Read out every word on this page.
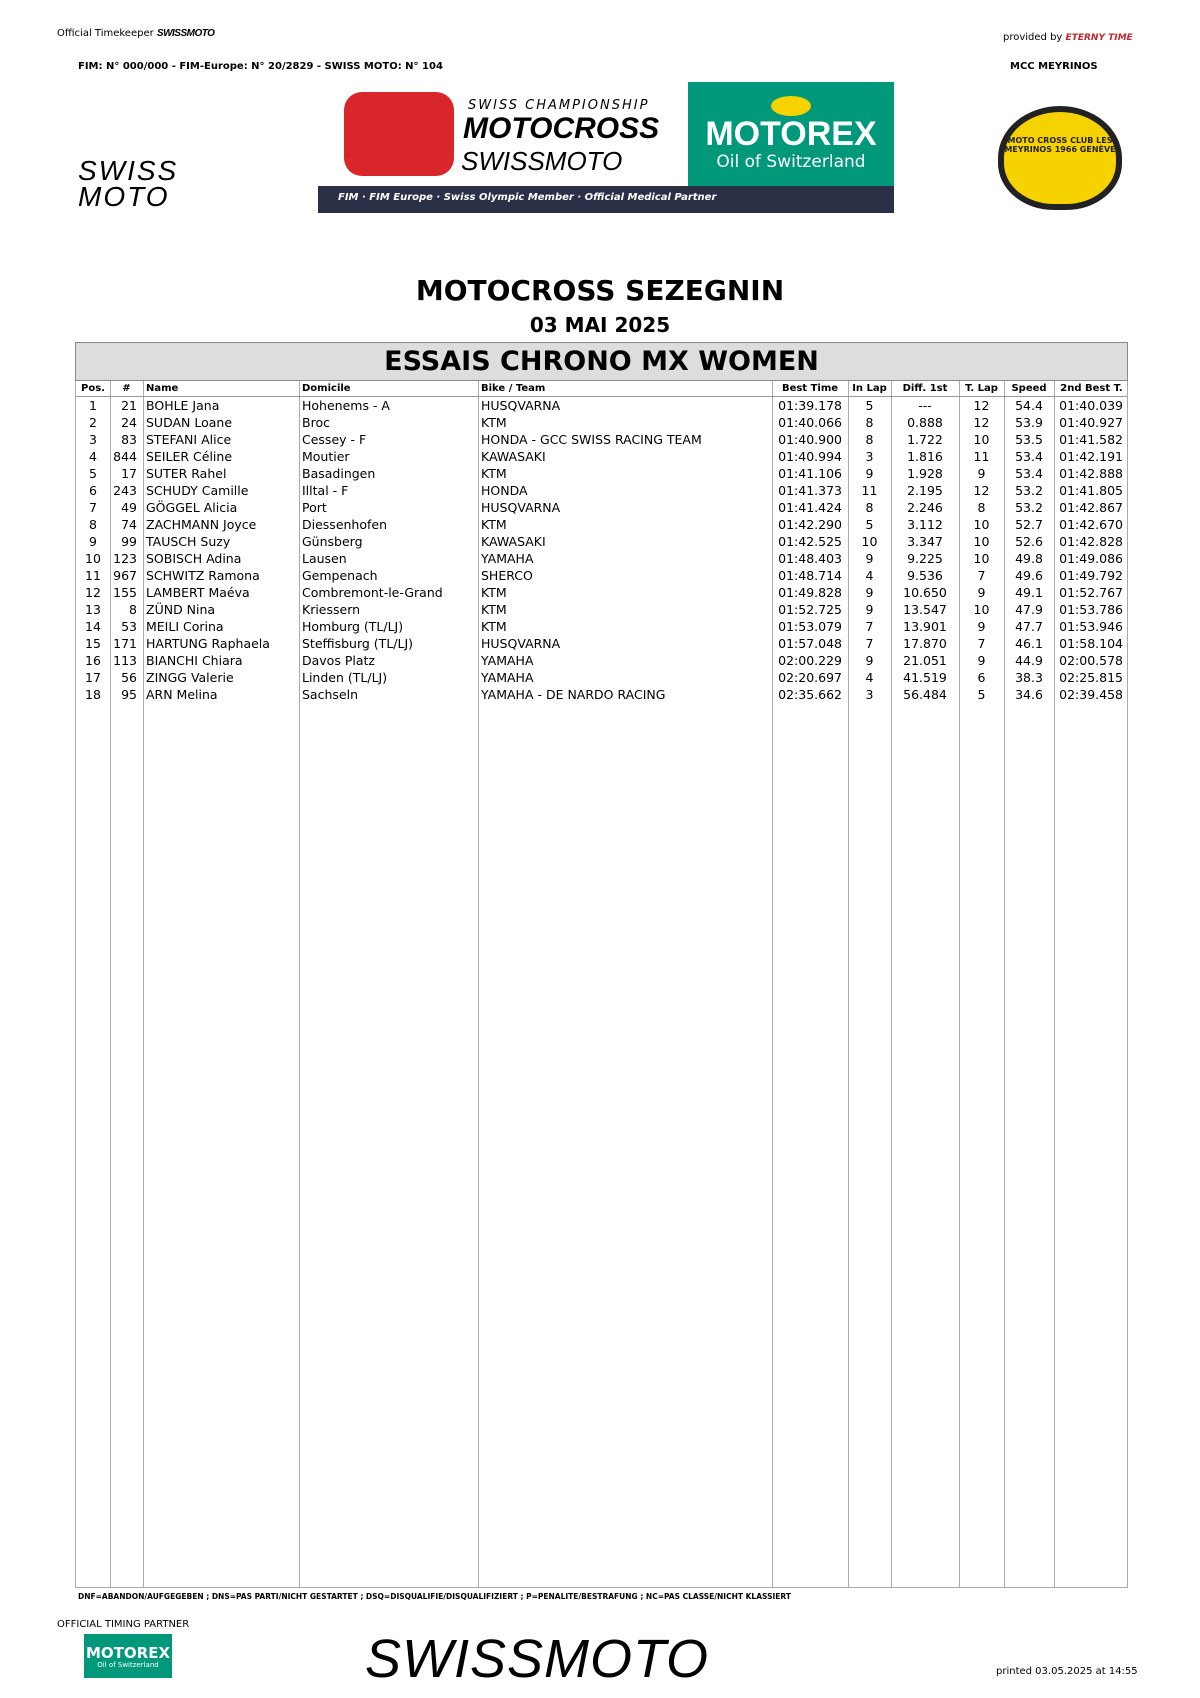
Official Timekeeper SWISSMOTO
FIM: N° 000/000 - FIM-Europe: N° 20/2829 - SWISS MOTO: N° 104
provided by ETERNY TIME
MCC MEYRINOS
SWISS MOTO
SWISS CHAMPIONSHIP
MOTOCROSS
SWISSMOTO
MOTOREX
Oil of Switzerland
FIM · FIM Europe · Swiss Olympic Member · Official Medical Partner
MOTO CROSS CLUB LES MEYRINOS 1966 GENÈVE
MOTOCROSS SEZEGNIN
03 MAI 2025
ESSAIS CHRONO MX WOMEN
Pos.	#	Name	Domicile	Bike / Team	Best Time	In Lap	Diff. 1st	T. Lap	Speed	2nd Best T.
1	21 BOHLE Jana	Hohenems - A	HUSQVARNA	01:39.178	5	---	12	54.4	01:40.039
2	24 SUDAN Loane	Broc	KTM	01:40.066	8	0.888	12	53.9	01:40.927
3	83 STEFANI Alice	Cessey - F	HONDA - GCC SWISS RACING TEAM	01:40.900	8	1.722	10	53.5	01:41.582
4	844 SEILER Céline	Moutier	KAWASAKI	01:40.994	3	1.816	11	53.4	01:42.191
5	17 SUTER Rahel	Basadingen	KTM	01:41.106	9	1.928	9	53.4	01:42.888
6	243 SCHUDY Camille	Illtal - F	HONDA	01:41.373	11	2.195	12	53.2	01:41.805
7	49 GÖGGEL Alicia	Port	HUSQVARNA	01:41.424	8	2.246	8	53.2	01:42.867
8	74 ZACHMANN Joyce	Diessenhofen	KTM	01:42.290	5	3.112	10	52.7	01:42.670
9	99 TAUSCH Suzy	Günsberg	KAWASAKI	01:42.525	10	3.347	10	52.6	01:42.828
10 123 SOBISCH Adina	Lausen	YAMAHA	01:48.403	9	9.225	10	49.8	01:49.086
11 967 SCHWITZ Ramona	Gempenach	SHERCO	01:48.714	4	9.536	7	49.6	01:49.792
12 155 LAMBERT Maéva	Combremont-le-Grand	KTM	01:49.828	9	10.650	9	49.1	01:52.767
13	8 ZÜND Nina	Kriessern	KTM	01:52.725	9	13.547	10	47.9	01:53.786
14	53 MEILI Corina	Homburg (TL/LJ)	KTM	01:53.079	7	13.901	9	47.7	01:53.946
15 171 HARTUNG Raphaela	Steffisburg (TL/LJ)	HUSQVARNA	01:57.048	7	17.870	7	46.1	01:58.104
16 113 BIANCHI Chiara	Davos Platz	YAMAHA	02:00.229	9	21.051	9	44.9	02:00.578
17	56 ZINGG Valerie	Linden (TL/LJ)	YAMAHA	02:20.697	4	41.519	6	38.3	02:25.815
18	95 ARN Melina	Sachseln	YAMAHA - DE NARDO RACING	02:35.662	3	56.484	5	34.6	02:39.458
DNF=ABANDON/AUFGEGEBEN ; DNS=PAS PARTI/NICHT GESTARTET ; DSQ=DISQUALIFIE/DISQUALIFIZIERT ; P=PENALITE/BESTRAFUNG ; NC=PAS CLASSE/NICHT KLASSIERT
OFFICIAL TIMING PARTNER
MOTOREX
Oil of Switzerland	SWISSMOTO	printed 03.05.2025 at 14:55
